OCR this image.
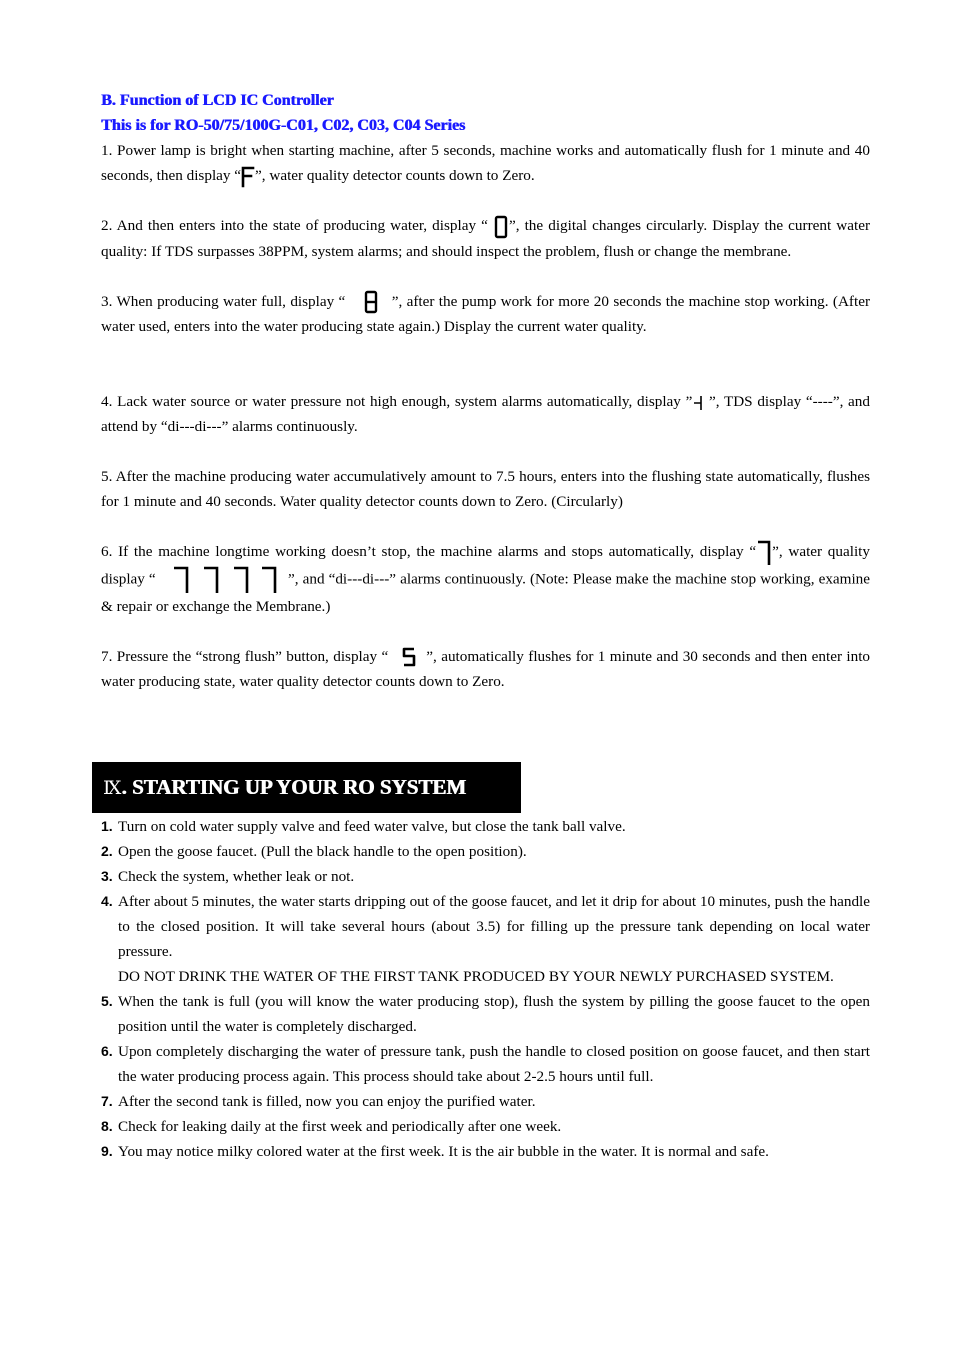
B. Function of LCD IC Controller
This is for RO-50/75/100G-C01, C02, C03, C04 Series
1. Power lamp is bright when starting machine, after 5 seconds, machine works and automatically flush for 1 minute and 40 seconds, then display “ ”, water quality detector counts down to Zero.
2. And then enters into the state of producing water, display “
”, the digital changes circularly. Display the current water quality: If TDS surpasses 38PPM, system alarms; and should inspect the problem, flush or change the membrane.
3. When producing water full, display “
”, after the pump work for more 20 seconds the machine stop working. (After water used, enters into the water producing state again.) Display the current water quality.
4. Lack water source or water pressure not high enough, system alarms automatically, display ”
”, TDS display “----”, and attend by “di---di---” alarms continuously.
5. After the machine producing water accumulatively amount to 7.5 hours, enters into the flushing state automatically, flushes for 1 minute and 40 seconds. Water quality detector counts down to Zero. (Circularly)
6. If the machine longtime working doesn’t stop, the machine alarms and stops automatically, display “ ”, water quality display “	”, and “di---di---” alarms continuously. (Note: Please make the machine stop working, examine & repair or exchange the Membrane.)
7. Pressure the “strong flush” button, display “
”, automatically flushes for 1 minute and 30 seconds and then enter into water producing state, water quality detector counts down to Zero.
Ⅸ. STARTING UP YOUR RO SYSTEM
1. Turn on cold water supply valve and feed water valve, but close the tank ball valve.
2. Open the goose faucet. (Pull the black handle to the open position).
3. Check the system, whether leak or not.
4. After about 5 minutes, the water starts dripping out of the goose faucet, and let it drip for about 10 minutes, push the handle to the closed position. It will take several hours (about 3.5) for filling up the pressure tank depending on local water pressure.
DO NOT DRINK THE WATER OF THE FIRST TANK PRODUCED BY YOUR NEWLY PURCHASED SYSTEM.
5. When the tank is full (you will know the water producing stop), flush the system by pilling the goose faucet to the open position until the water is completely discharged.
6. Upon completely discharging the water of pressure tank, push the handle to closed position on goose faucet, and then start the water producing process again. This process should take about 2-2.5 hours until full.
7. After the second tank is filled, now you can enjoy the purified water.
8. Check for leaking daily at the first week and periodically after one week.
9. You may notice milky colored water at the first week. It is the air bubble in the water. It is normal and safe.
